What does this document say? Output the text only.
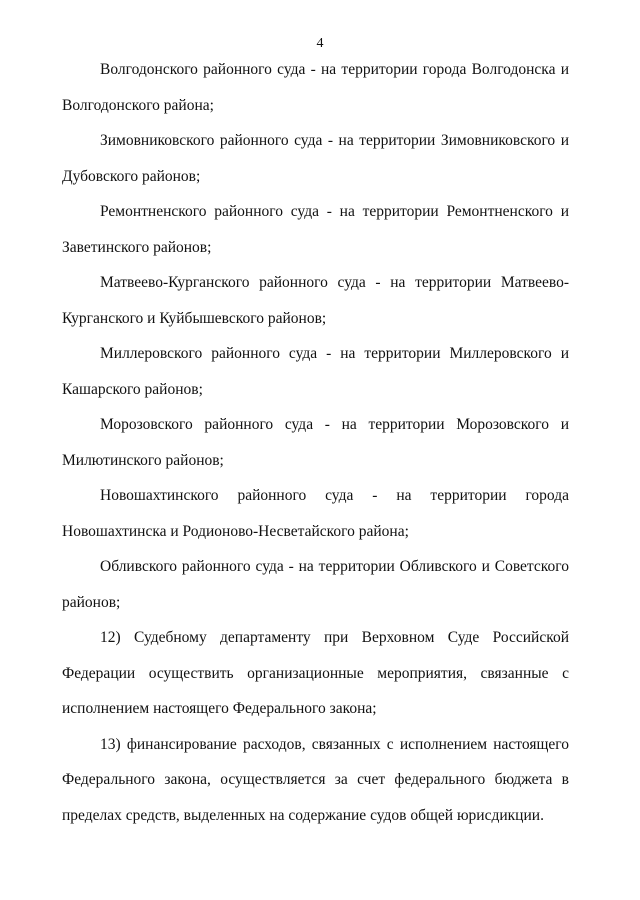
4

Волгодонского районного суда - на территории города Волгодонска и Волгодонского района;

Зимовниковского районного суда - на территории Зимовниковского и Дубовского районов;

Ремонтненского районного суда - на территории Ремонтненского и Заветинского районов;

Матвеево-Курганского районного суда - на территории Матвеево-Курганского и Куйбышевского районов;

Миллеровского районного суда - на территории Миллеровского и Кашарского районов;

Морозовского районного суда - на территории Морозовского и Милютинского районов;

Новошахтинского районного суда - на территории города Новошахтинска и Родионово-Несветайского района;

Обливского районного суда - на территории Обливского и Советского районов;

12) Судебному департаменту при Верховном Суде Российской Федерации осуществить организационные мероприятия, связанные с исполнением настоящего Федерального закона;

13) финансирование расходов, связанных с исполнением настоящего Федерального закона, осуществляется за счет федерального бюджета в пределах средств, выделенных на содержание судов общей юрисдикции.
